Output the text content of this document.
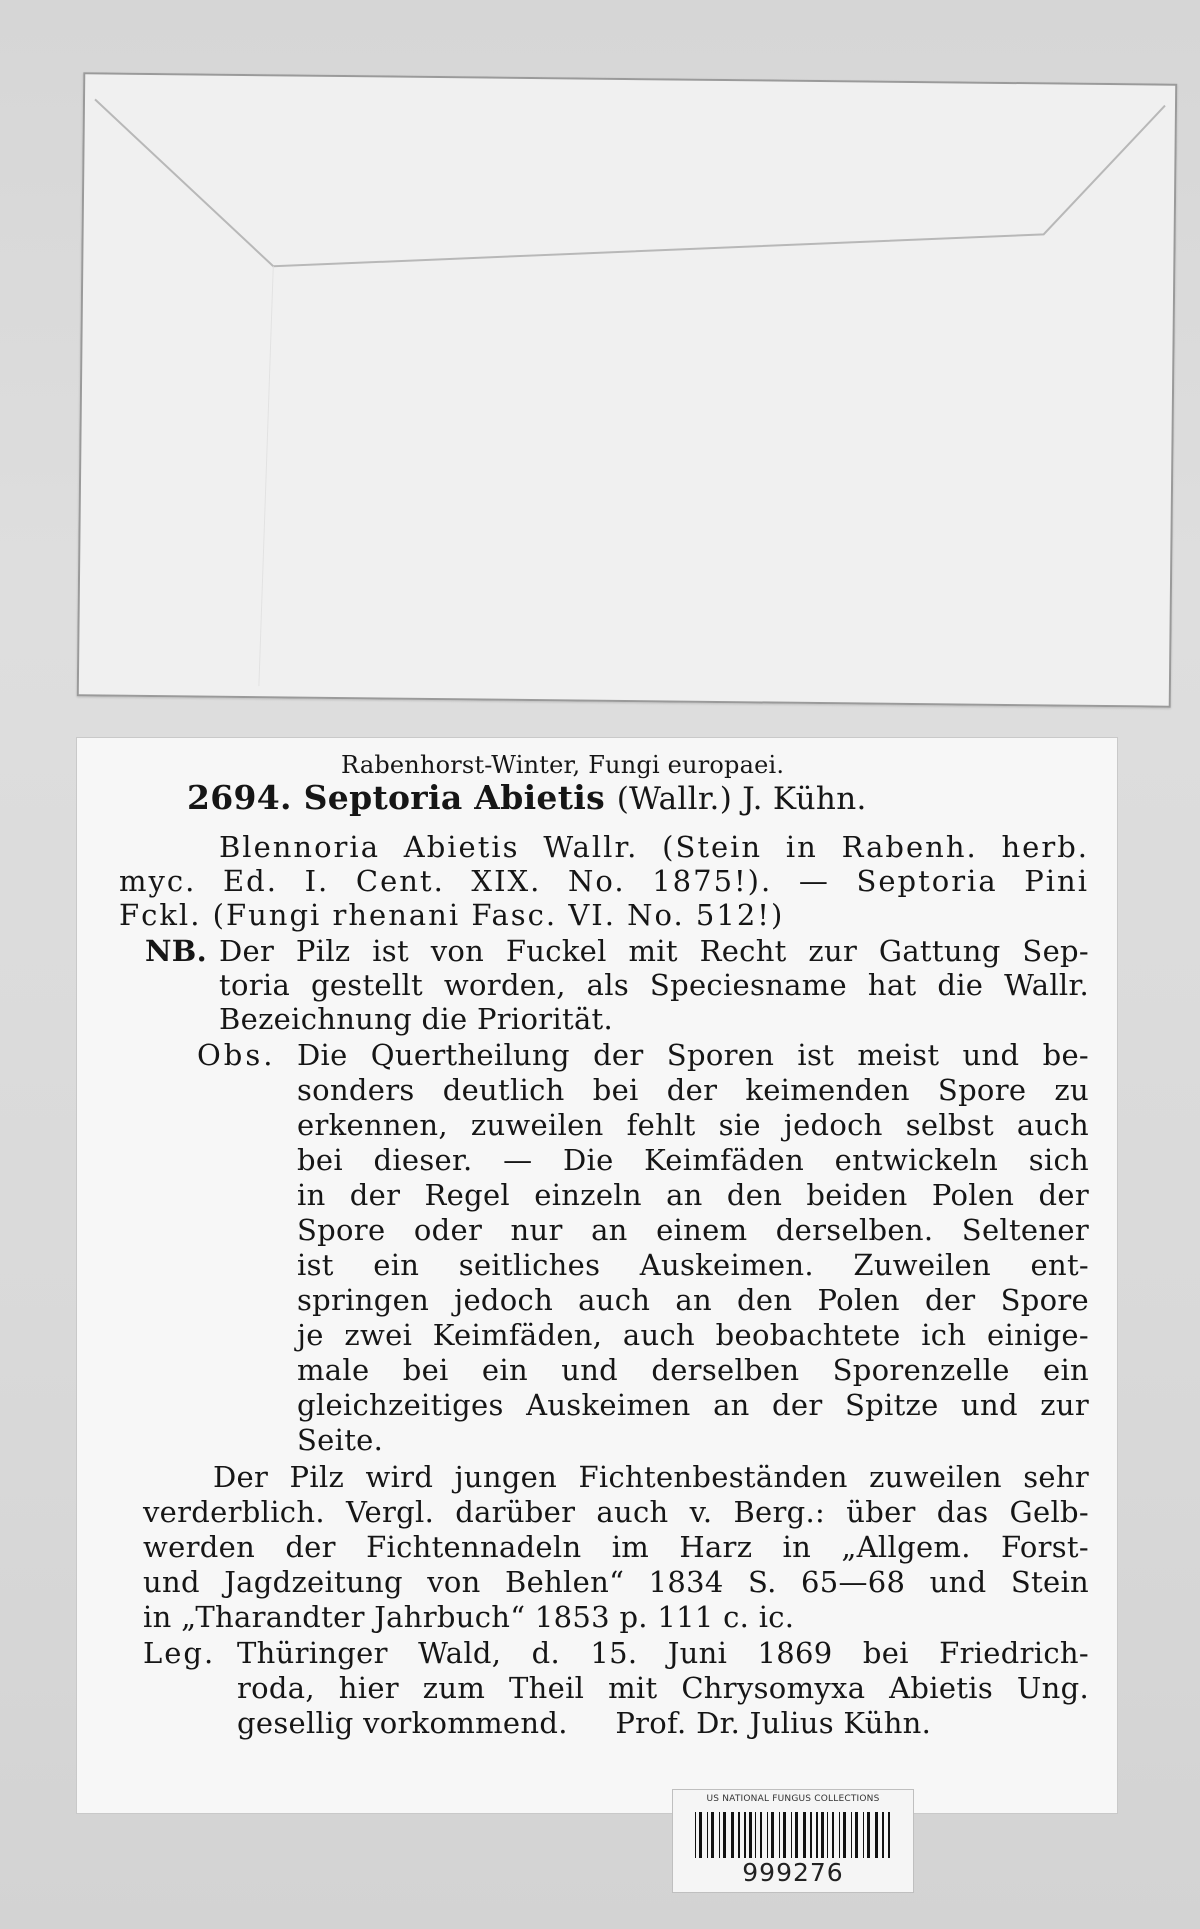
Rabenhorst-Winter, Fungi europaei.
2694. Septoria Abietis (Wallr.) J. Kühn.
Blennoria Abietis Wallr. (Stein in Rabenh. herb.
myc. Ed. I. Cent. XIX. No. 1875!). — Septoria Pini
Fckl. (Fungi rhenani Fasc. VI. No. 512!)
NB. Der Pilz ist von Fuckel mit Recht zur Gattung Sep-
toria gestellt worden, als Speciesname hat die Wallr.
Bezeichnung die Priorität.
Obs. Die Quertheilung der Sporen ist meist und be-
sonders deutlich bei der keimenden Spore zu
erkennen, zuweilen fehlt sie jedoch selbst auch
bei dieser. — Die Keimfäden entwickeln sich
in der Regel einzeln an den beiden Polen der
Spore oder nur an einem derselben. Seltener
ist ein seitliches Auskeimen. Zuweilen ent-
springen jedoch auch an den Polen der Spore
je zwei Keimfäden, auch beobachtete ich einige-
male bei ein und derselben Sporenzelle ein
gleichzeitiges Auskeimen an der Spitze und zur
Seite.
Der Pilz wird jungen Fichtenbeständen zuweilen sehr
verderblich. Vergl. darüber auch v. Berg.: über das Gelb-
werden der Fichtennadeln im Harz in „Allgem. Forst-
und Jagdzeitung von Behlen“ 1834 S. 65—68 und Stein
in „Tharandter Jahrbuch“ 1853 p. 111 c. ic.
Leg. Thüringer Wald, d. 15. Juni 1869 bei Friedrich-
roda, hier zum Theil mit Chrysomyxa Abietis Ung.
gesellig vorkommend.     Prof. Dr. Julius Kühn.
US NATIONAL FUNGUS COLLECTIONS
999276
